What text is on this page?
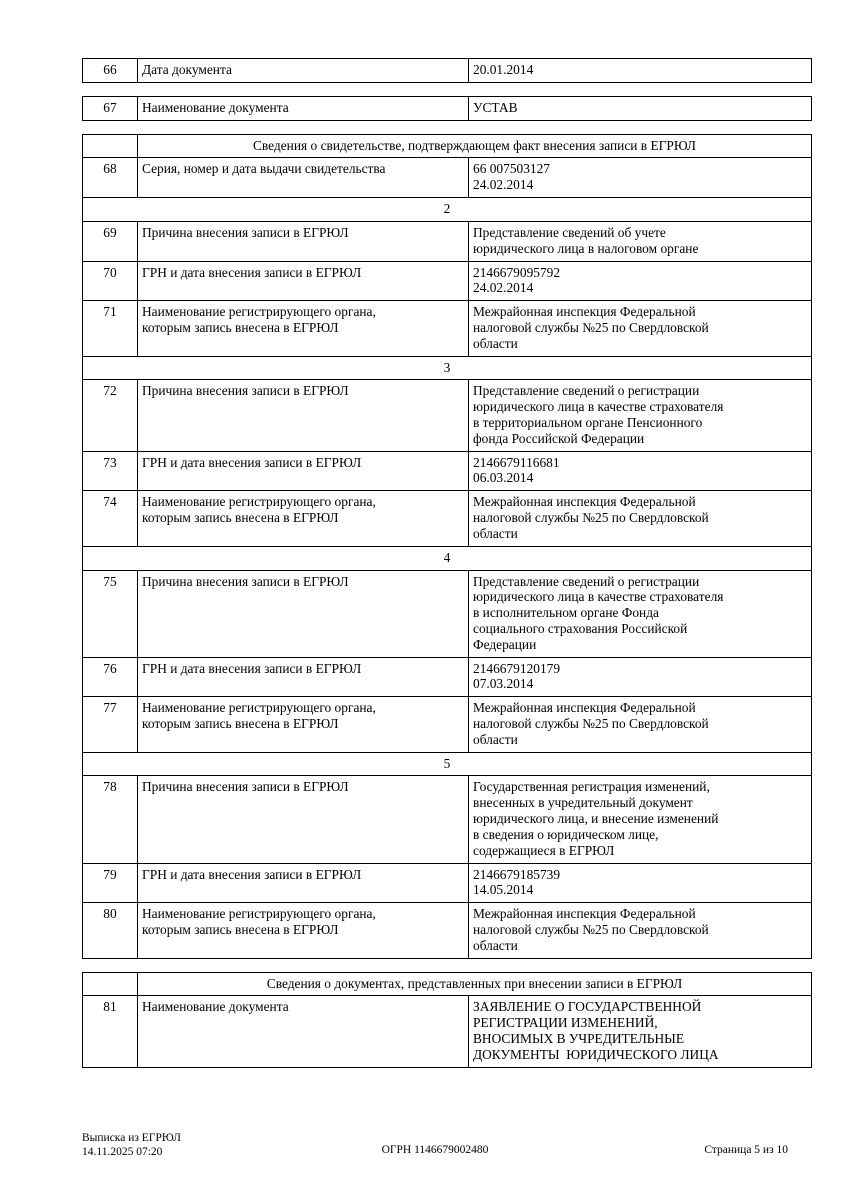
66	Дата документа	20.01.2014

67	Наименование документа	УСТАВ

	Сведения о свидетельстве, подтверждающем факт внесения записи в ЕГРЮЛ	
68	Серия, номер и дата выдачи свидетельства	66 007503127
24.02.2014

2		
69	Причина внесения записи в ЕГРЮЛ	Представление сведений об учете
юридического лица в налоговом органе

70	ГРН и дата внесения записи в ЕГРЮЛ	2146679095792
24.02.2014

71	Наименование регистрирующего органа,
которым запись внесена в ЕГРЮЛ	Межрайонная инспекция Федеральной
налоговой службы №25 по Свердловской
области

3		
72	Причина внесения записи в ЕГРЮЛ	Представление сведений о регистрации
юридического лица в качестве страхователя
в территориальном органе Пенсионного
фонда Российской Федерации

73	ГРН и дата внесения записи в ЕГРЮЛ	2146679116681
06.03.2014

74	Наименование регистрирующего органа,
которым запись внесена в ЕГРЮЛ	Межрайонная инспекция Федеральной
налоговой службы №25 по Свердловской
области

4		
75	Причина внесения записи в ЕГРЮЛ	Представление сведений о регистрации
юридического лица в качестве страхователя
в исполнительном органе Фонда
социального страхования Российской
Федерации

76	ГРН и дата внесения записи в ЕГРЮЛ	2146679120179
07.03.2014

77	Наименование регистрирующего органа,
которым запись внесена в ЕГРЮЛ	Межрайонная инспекция Федеральной
налоговой службы №25 по Свердловской
области

5		
78	Причина внесения записи в ЕГРЮЛ	Государственная регистрация изменений,
внесенных в учредительный документ
юридического лица, и внесение изменений
в сведения о юридическом лице,
содержащиеся в ЕГРЮЛ

79	ГРН и дата внесения записи в ЕГРЮЛ	2146679185739
14.05.2014

80	Наименование регистрирующего органа,
которым запись внесена в ЕГРЮЛ	Межрайонная инспекция Федеральной
налоговой службы №25 по Свердловской
области

	Сведения о документах, представленных при внесении записи в ЕГРЮЛ	
81	Наименование документа	ЗАЯВЛЕНИЕ О ГОСУДАРСТВЕННОЙ
РЕГИСТРАЦИИ ИЗМЕНЕНИЙ,
ВНОСИМЫХ В УЧРЕДИТЕЛЬНЫЕ
ДОКУМЕНТЫ  ЮРИДИЧЕСКОГО ЛИЦА
Выписка из ЕГРЮЛ
14.11.2025 07:20	ОГРН 1146679002480	Страница 5 из 10
